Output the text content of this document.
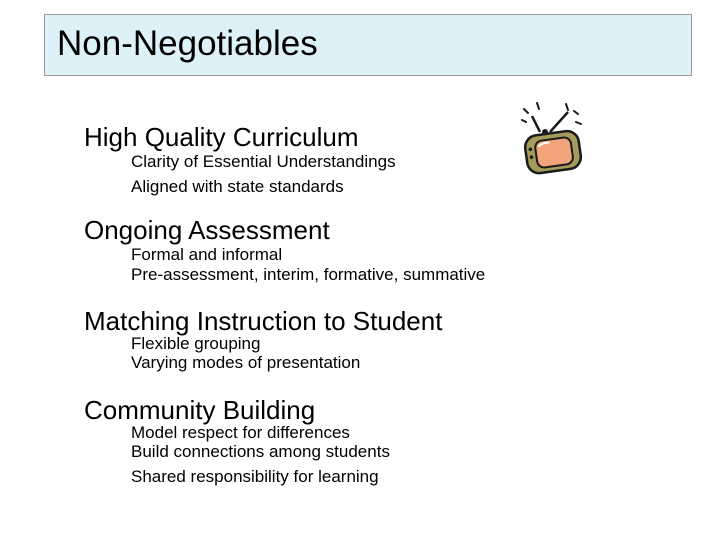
Non-Negotiables
High Quality Curriculum
Clarity of Essential Understandings
Aligned with state standards
Ongoing Assessment
Formal and informal
Pre-assessment, interim, formative, summative
Matching Instruction to Student
Flexible grouping
Varying modes of presentation
Community Building
Model respect for differences
Build connections among students
Shared responsibility for learning
